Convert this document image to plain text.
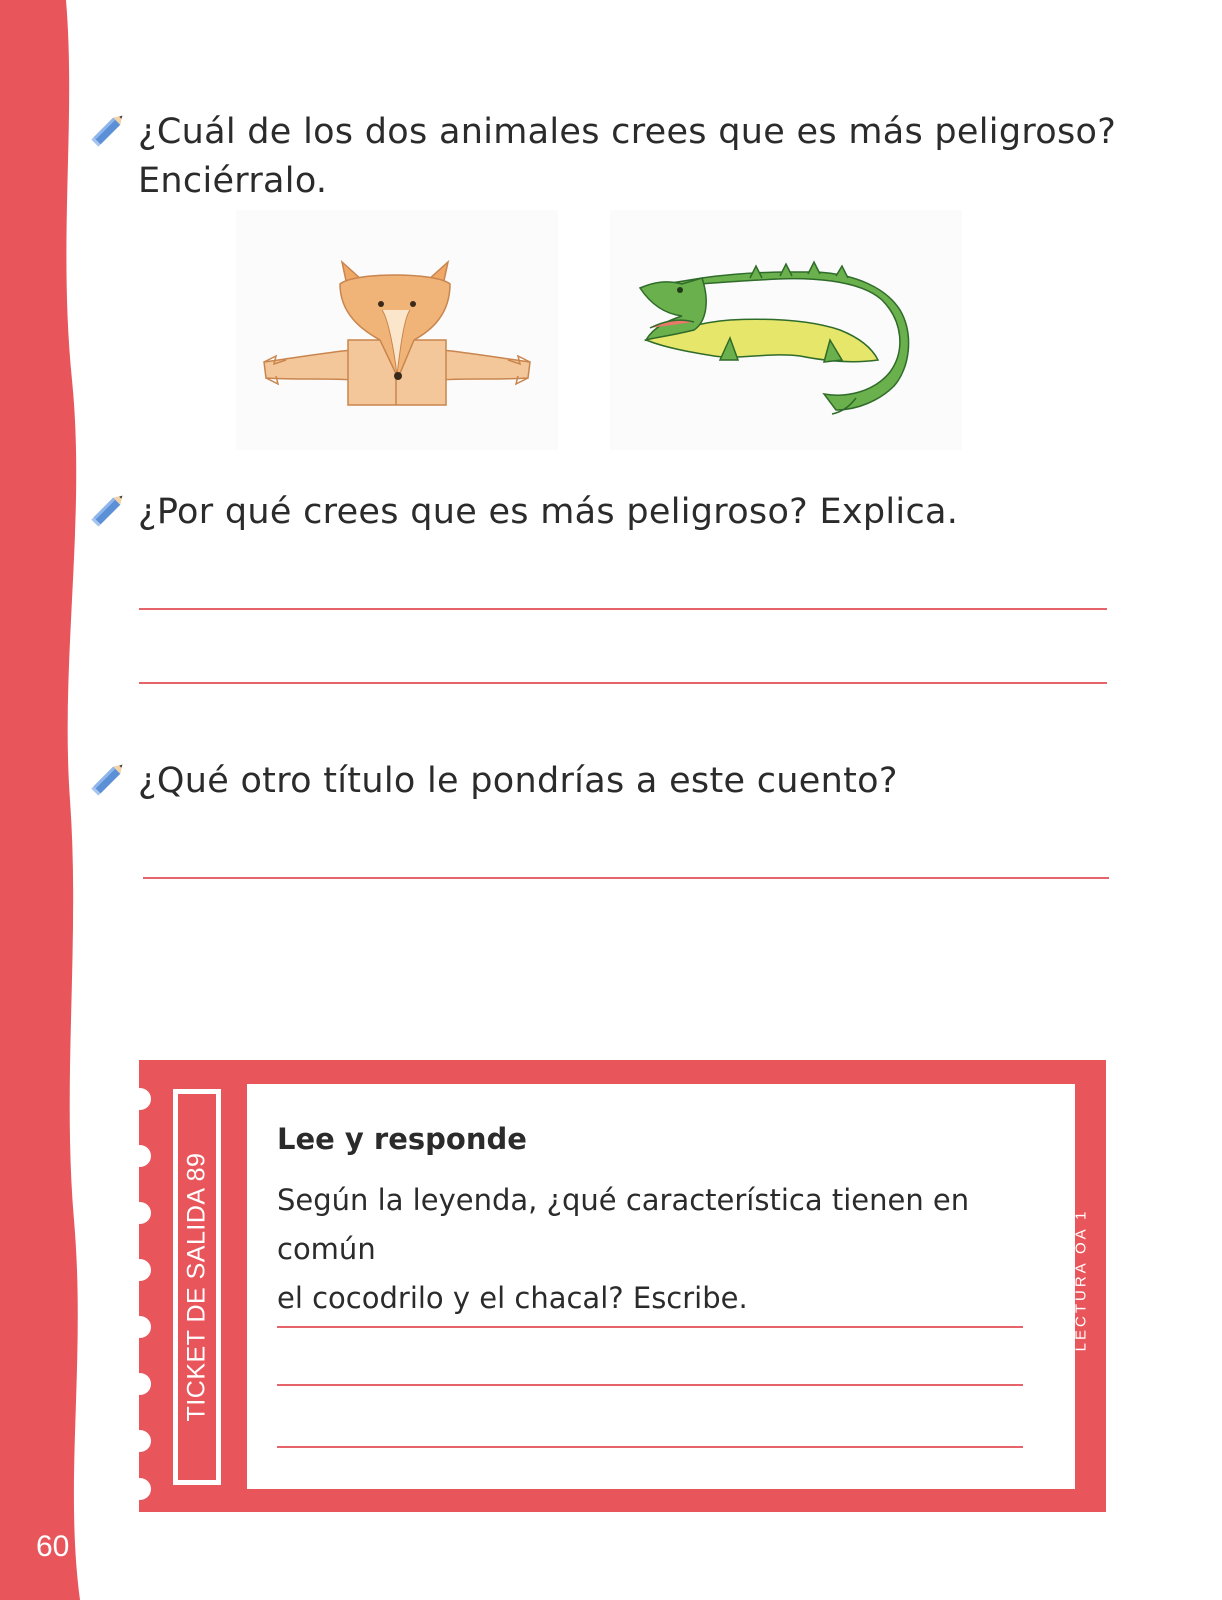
60
¿Cuál de los dos animales crees que es más peligroso?
Enciérralo.
¿Por qué crees que es más peligroso? Explica.
¿Qué otro título le pondrías a este cuento?
TICKET DE SALIDA 89
Lee y responde
Según la leyenda, ¿qué característica tienen en común
el cocodrilo y el chacal? Escribe.	LECTURA OA 1
